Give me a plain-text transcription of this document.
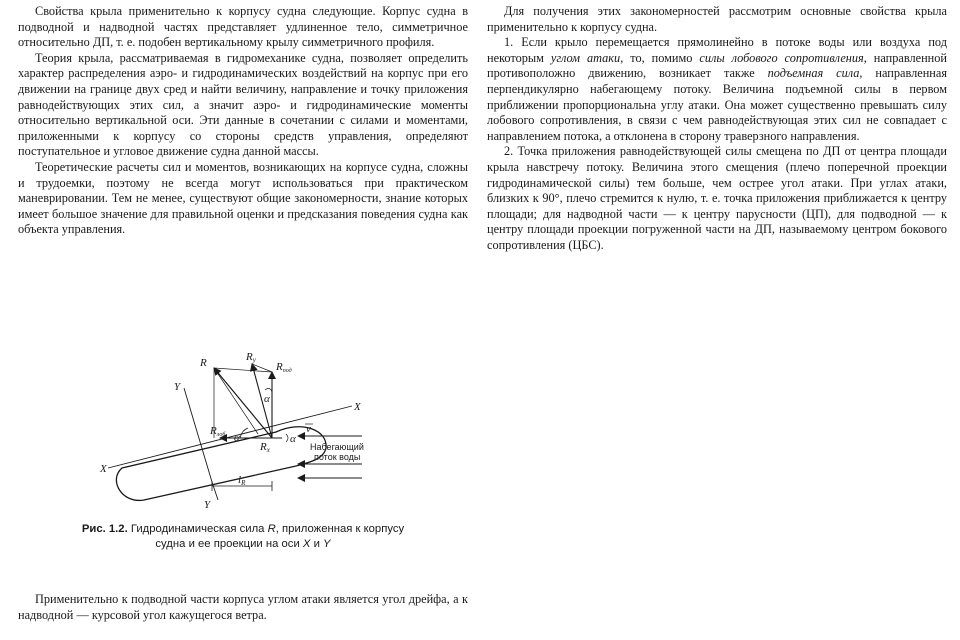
Свойства крыла применительно к корпусу судна следующие. Корпус судна в подводной и надводной частях представляет удлиненное тело, симметричное относительно ДП, т. е. подобен вертикальному крылу симметричного профиля.

Теория крыла, рассматриваемая в гидромеханике судна, позволяет определить характер распределения аэро- и гидродинамических воздействий на корпус при его движении на границе двух сред и найти величину, направление и точку приложения равнодействующих этих сил, а значит аэро- и гидродинамические моменты относительно вертикальной оси. Эти данные в сочетании с силами и моментами, приложенными к корпусу со стороны средств управления, определяют поступательное и угловое движение судна данной массы.

Теоретические расчеты сил и моментов, возникающих на корпусе судна, сложны и трудоемки, поэтому не всегда могут использоваться при практическом маневрировании. Тем не менее, существуют общие закономерности, знание которых имеет большое значение для правильной оценки и предсказания поведения судна как объекта управления.

R	Ry
Rпод
Rлоб
Rx
α	α
α
X
X
Y
Y
lR
v
Набегающий
поток воды
Рис. 1.2. Гидродинамическая сила R, приложенная к корпусу судна и ее проекции на оси X и Y

Применительно к подводной части корпуса углом атаки является угол дрейфа, а к надводной — курсовой угол кажущегося ветра.

Для получения этих закономерностей рассмотрим основные свойства крыла применительно к корпусу судна.

1. Если крыло перемещается прямолинейно в потоке воды или воздуха под некоторым углом атаки, то, помимо силы лобового сопротивления, направленной противоположно движению, возникает также подъемная сила, направленная перпендикулярно набегающему потоку. Величина подъемной силы в первом приближении пропорциональна углу атаки. Она может существенно превышать силу лобового сопротивления, в связи с чем равнодействующая этих сил не совпадает с направлением потока, а отклонена в сторону траверзного направления.

2. Точка приложения равнодействующей силы смещена по ДП от центра площади крыла навстречу потоку. Величина этого смещения (плечо поперечной проекции гидродинамической силы) тем больше, чем острее угол атаки. При углах атаки, близких к 90°, плечо стремится к нулю, т. е. точка приложения приближается к центру площади; для надводной части — к центру парусности (ЦП), для подводной — к центру площади проекции погруженной части на ДП, называемому центром бокового сопротивления (ЦБС).
